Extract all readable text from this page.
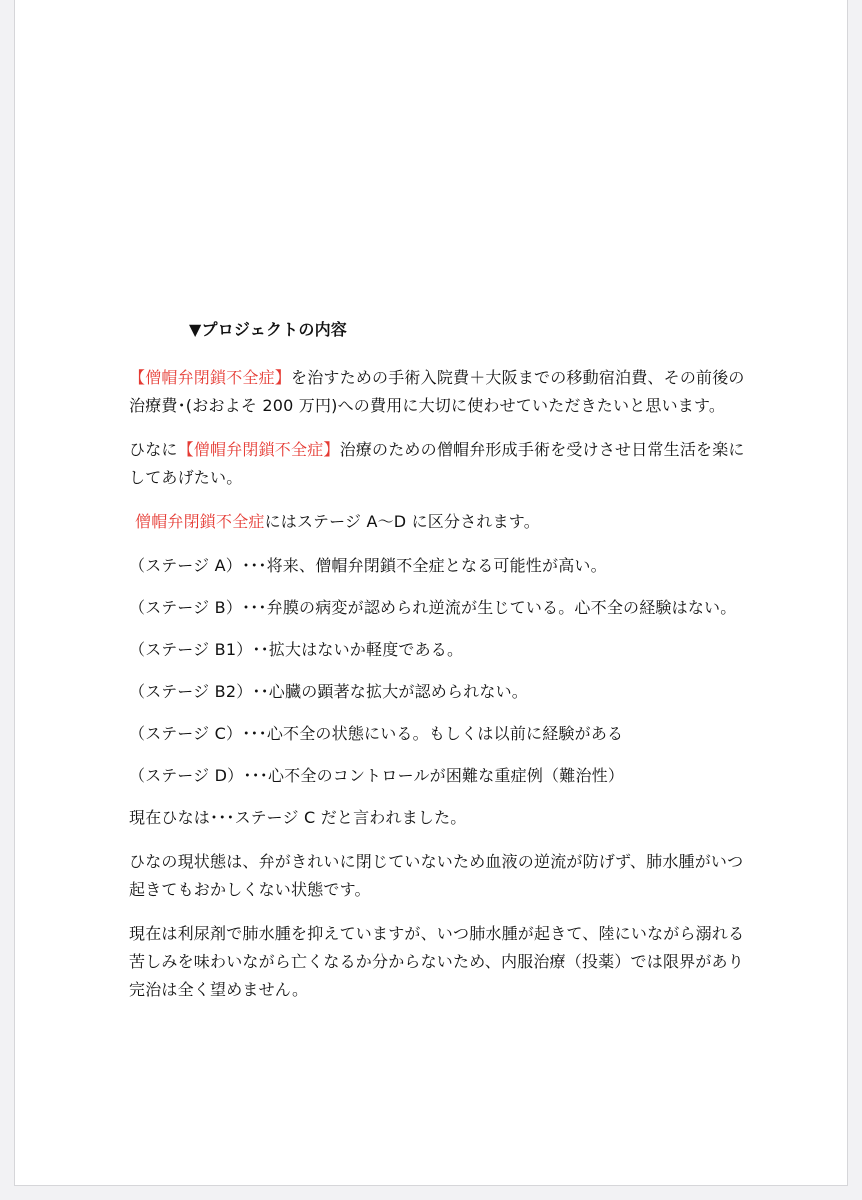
▼プロジェクトの内容

【僧帽弁閉鎖不全症】を治すための手術入院費＋大阪までの移動宿泊費、その前後の治療費･(おおよそ 200 万円)への費用に大切に使わせていただきたいと思います。

ひなに【僧帽弁閉鎖不全症】治療のための僧帽弁形成手術を受けさせ日常生活を楽にしてあげたい。

僧帽弁閉鎖不全症にはステージ A〜D に区分されます。

（ステージ A）･･･将来、僧帽弁閉鎖不全症となる可能性が高い。

（ステージ B）･･･弁膜の病変が認められ逆流が生じている。心不全の経験はない。

（ステージ B1）･･拡大はないか軽度である。

（ステージ B2）･･心臓の顕著な拡大が認められない。

（ステージ C）･･･心不全の状態にいる。もしくは以前に経験がある

（ステージ D）･･･心不全のコントロールが困難な重症例（難治性）

現在ひなは･･･ステージ C だと言われました。

ひなの現状態は、弁がきれいに閉じていないため血液の逆流が防げず、肺水腫がいつ起きてもおかしくない状態です。

現在は利尿剤で肺水腫を抑えていますが、いつ肺水腫が起きて、陸にいながら溺れる苦しみを味わいながら亡くなるか分からないため、内服治療（投薬）では限界があり完治は全く望めません。
